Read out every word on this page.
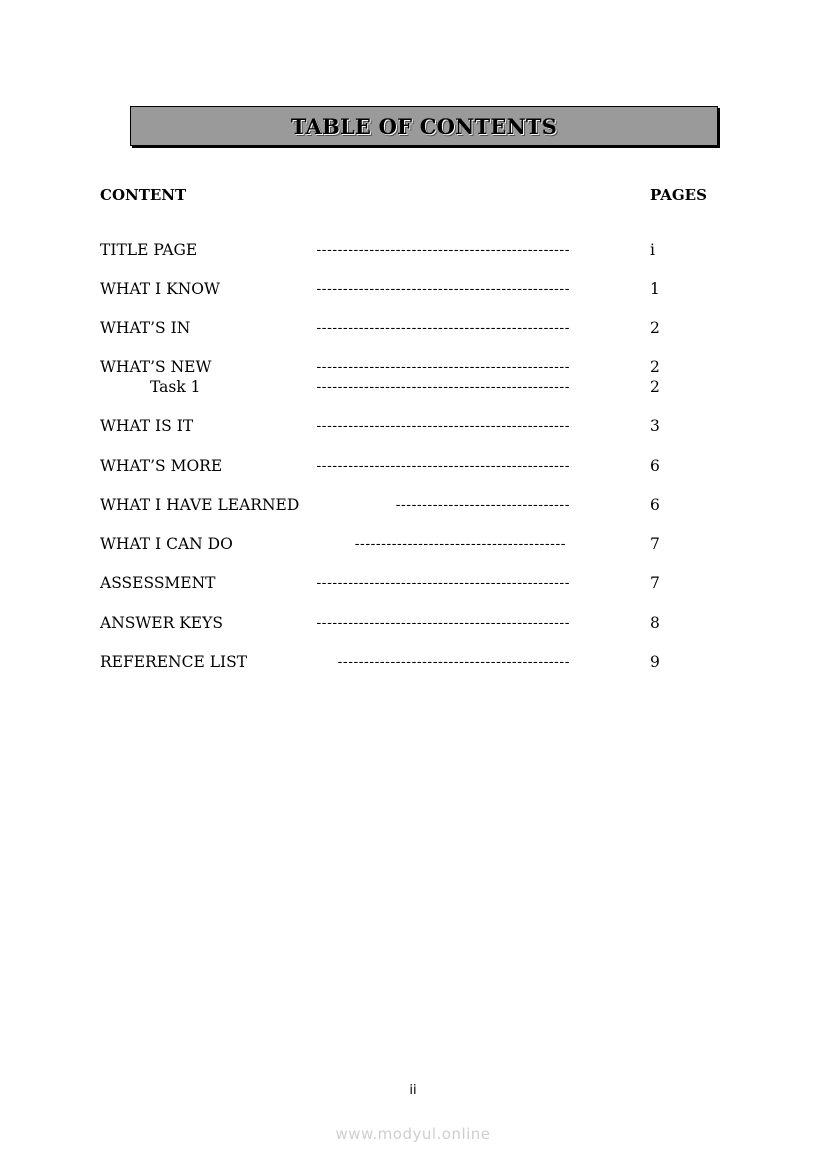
TABLE OF CONTENTS
CONTENT	PAGES
TITLE PAGE	------------------------------------------------	i
WHAT I KNOW	------------------------------------------------	1
WHAT’S IN	------------------------------------------------	2
WHAT’S NEW	------------------------------------------------	2
Task 1	------------------------------------------------	2
WHAT IS IT	------------------------------------------------	3
WHAT’S MORE	------------------------------------------------	6
WHAT I HAVE LEARNED	---------------------------------	6
WHAT I CAN DO	----------------------------------------	7
ASSESSMENT	------------------------------------------------	7
ANSWER KEYS	------------------------------------------------	8
REFERENCE LIST	--------------------------------------------	9
ii
www.modyul.online
